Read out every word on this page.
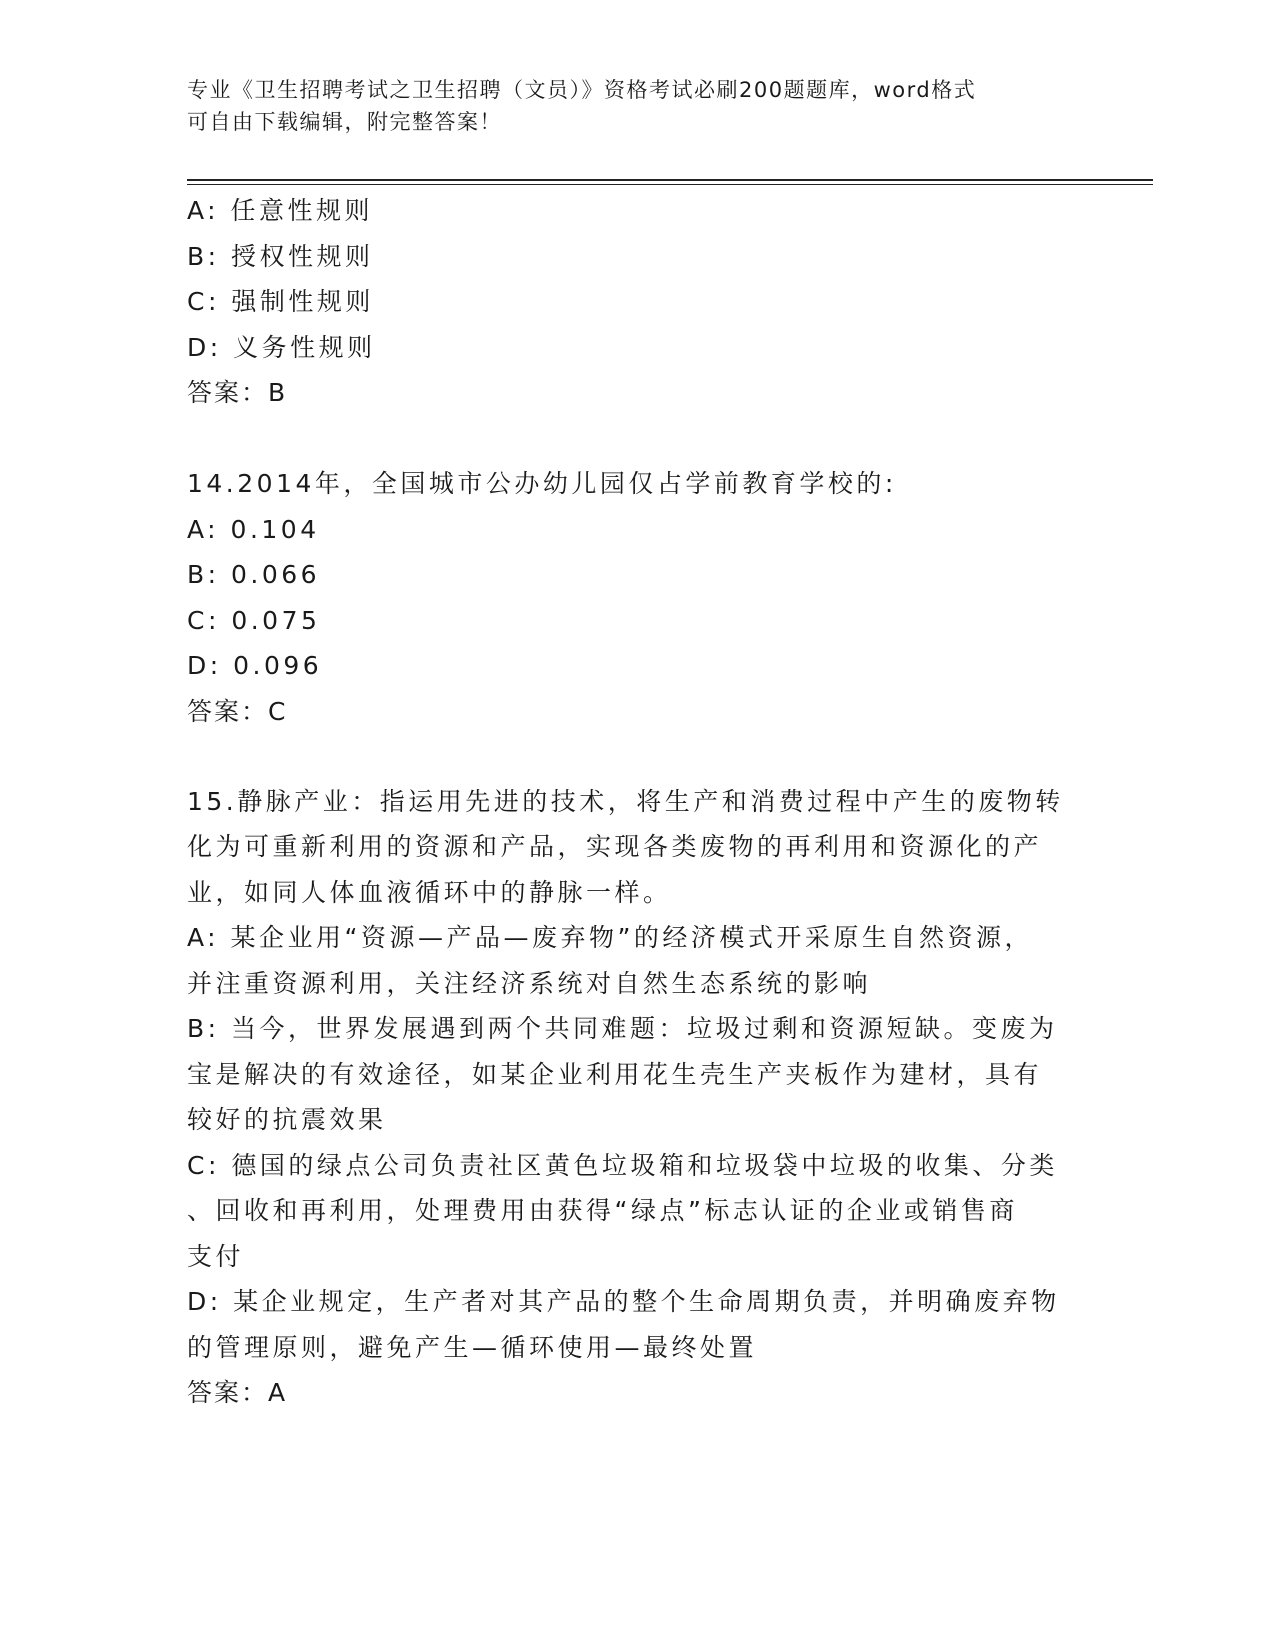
专业《卫生招聘考试之卫生招聘（文员）》资格考试必刷200题题库，word格式
可自由下载编辑，附完整答案！
A: 任意性规则
B: 授权性规则
C: 强制性规则
D: 义务性规则
答案：B
14.2014年，全国城市公办幼儿园仅占学前教育学校的:
A: 0.104
B: 0.066
C: 0.075
D: 0.096
答案：C
15.静脉产业：指运用先进的技术，将生产和消费过程中产生的废物转
化为可重新利用的资源和产品，实现各类废物的再利用和资源化的产
业，如同人体血液循环中的静脉一样。
A: 某企业用“资源—产品—废弃物”的经济模式开采原生自然资源，
并注重资源利用，关注经济系统对自然生态系统的影响
B: 当今，世界发展遇到两个共同难题：垃圾过剩和资源短缺。变废为
宝是解决的有效途径，如某企业利用花生壳生产夹板作为建材，具有
较好的抗震效果
C: 德国的绿点公司负责社区黄色垃圾箱和垃圾袋中垃圾的收集、分类
、回收和再利用，处理费用由获得“绿点”标志认证的企业或销售商
支付
D: 某企业规定，生产者对其产品的整个生命周期负责，并明确废弃物
的管理原则，避免产生—循环使用—最终处置
答案：A
